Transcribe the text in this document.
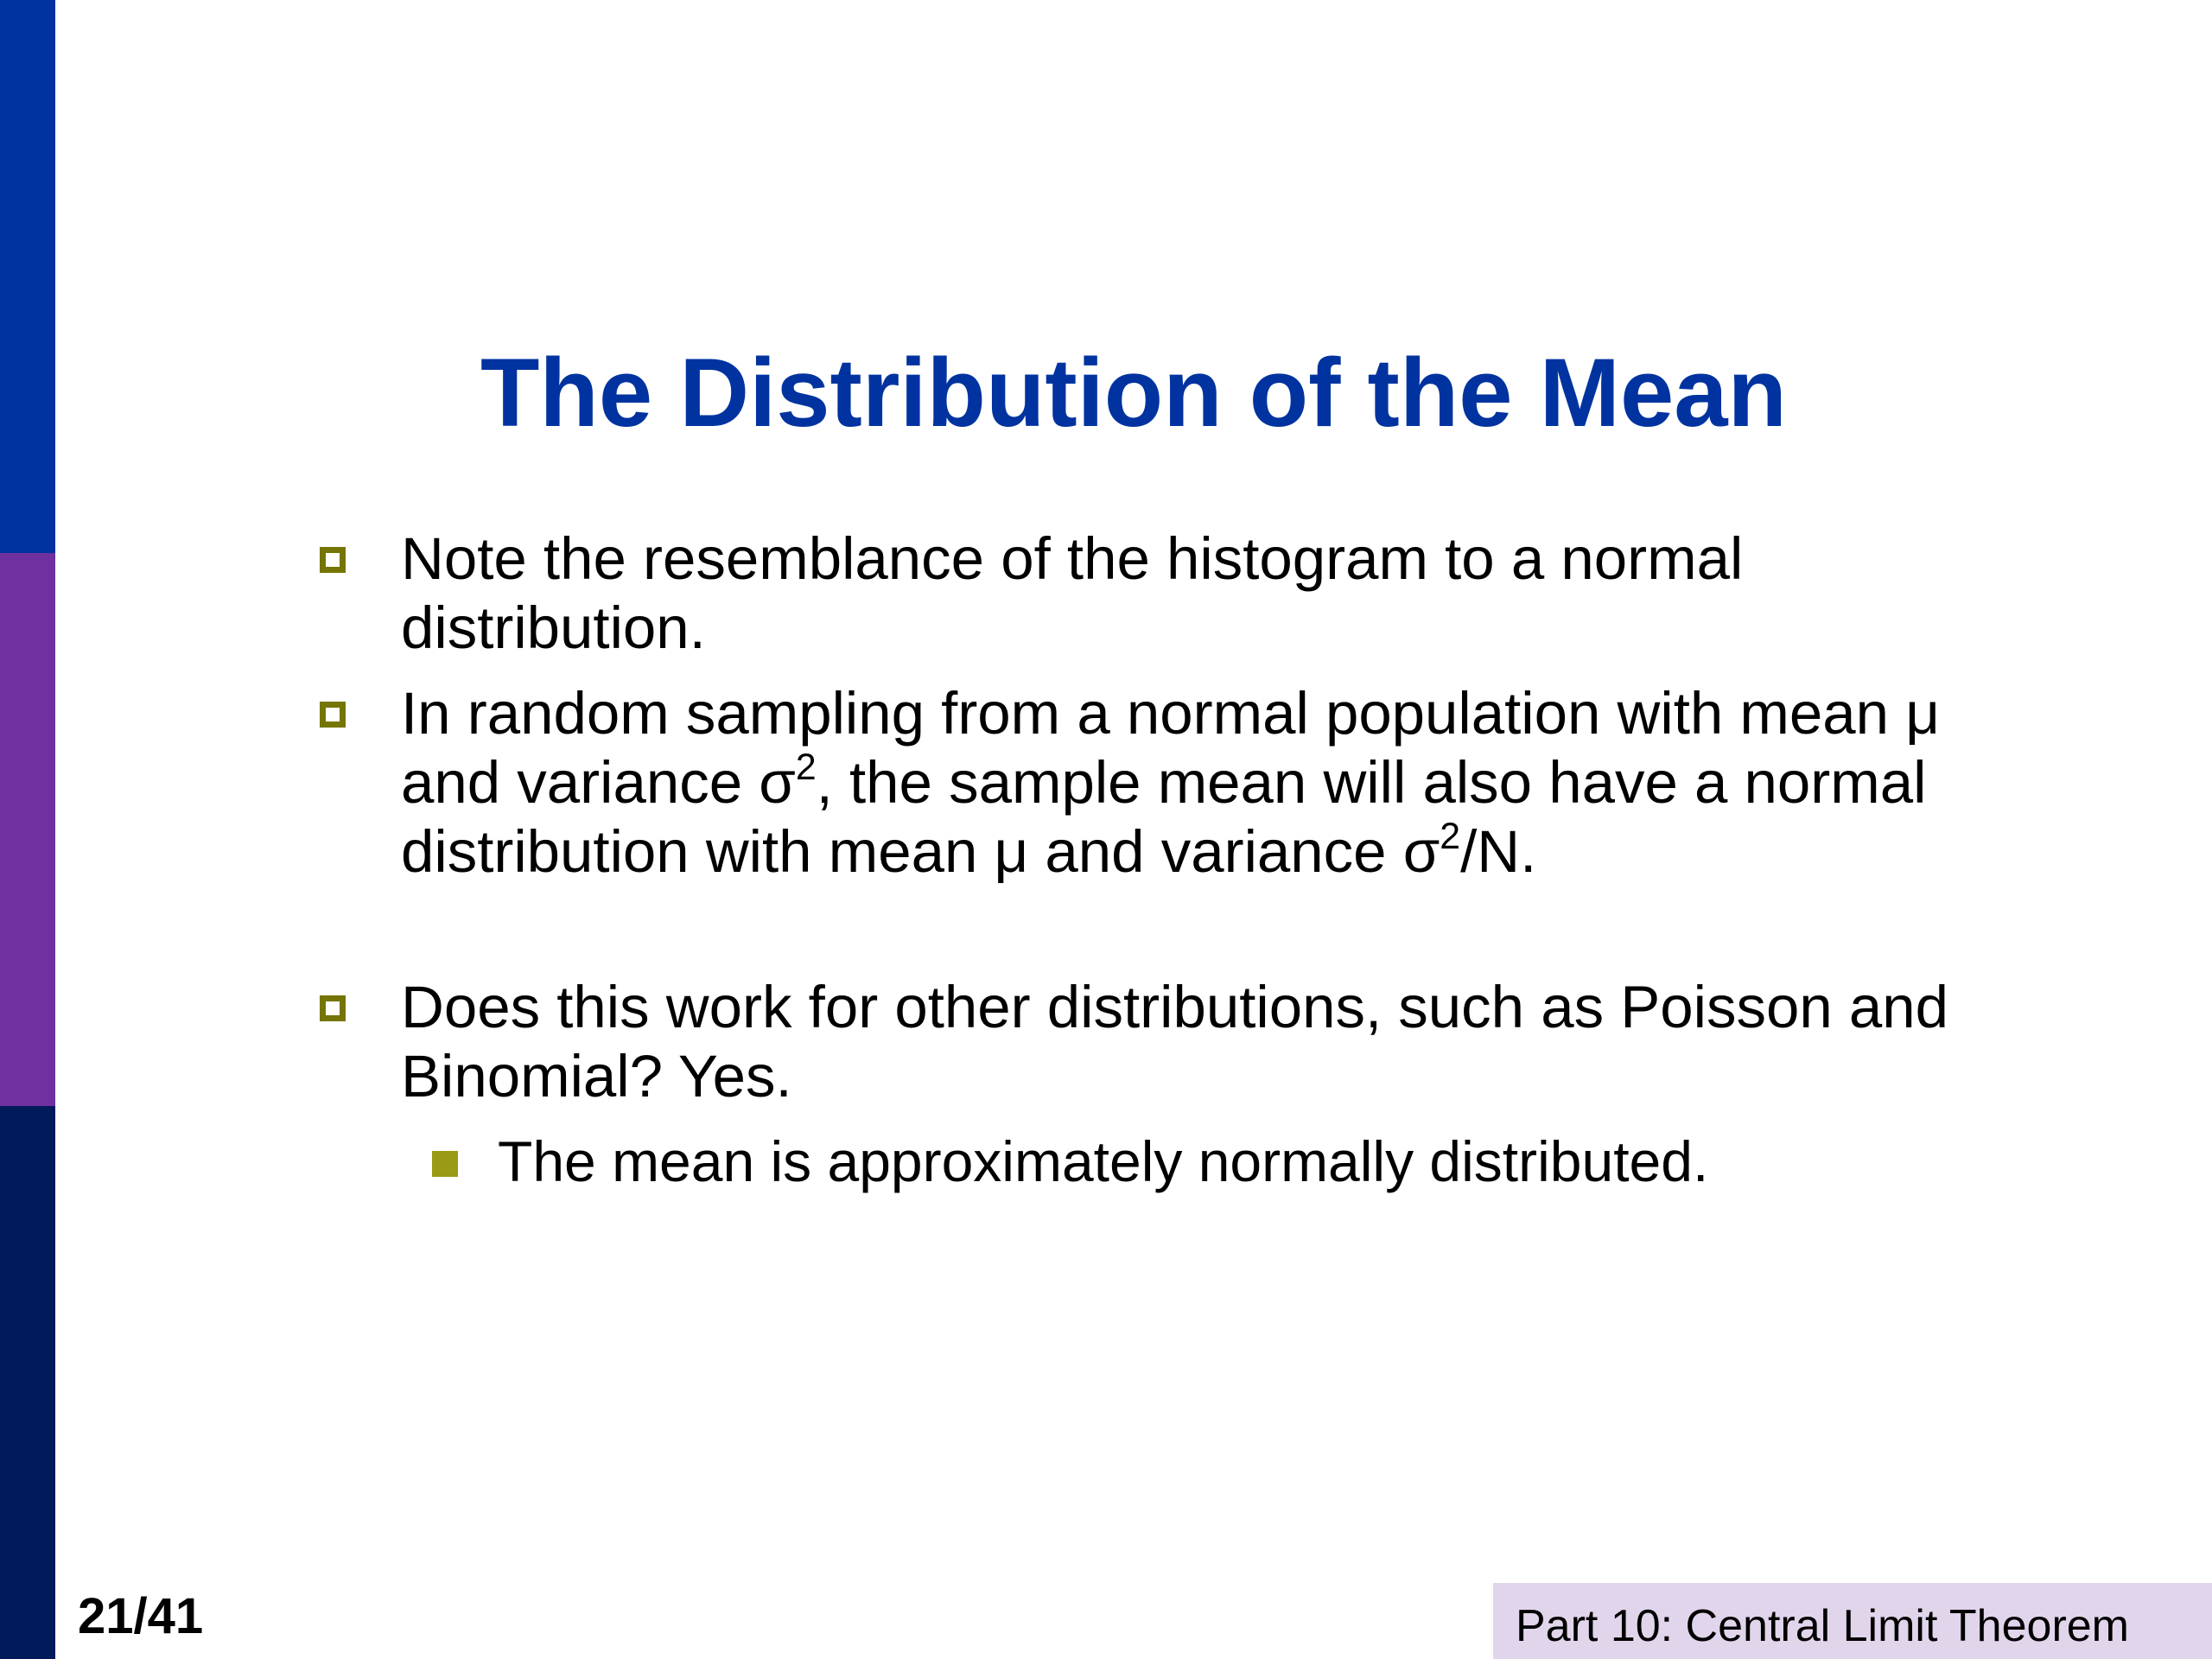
The Distribution of the Mean
Note the resemblance of the histogram to a normal distribution.
In random sampling from a normal population with mean μ and variance $\sigma^2$, the sample mean will also have a normal distribution with mean μ and variance $\sigma^2/N$.
Does this work for other distributions, such as Poisson and Binomial? Yes.
The mean is approximately normally distributed.
21/41	Part 10: Central Limit Theorem
